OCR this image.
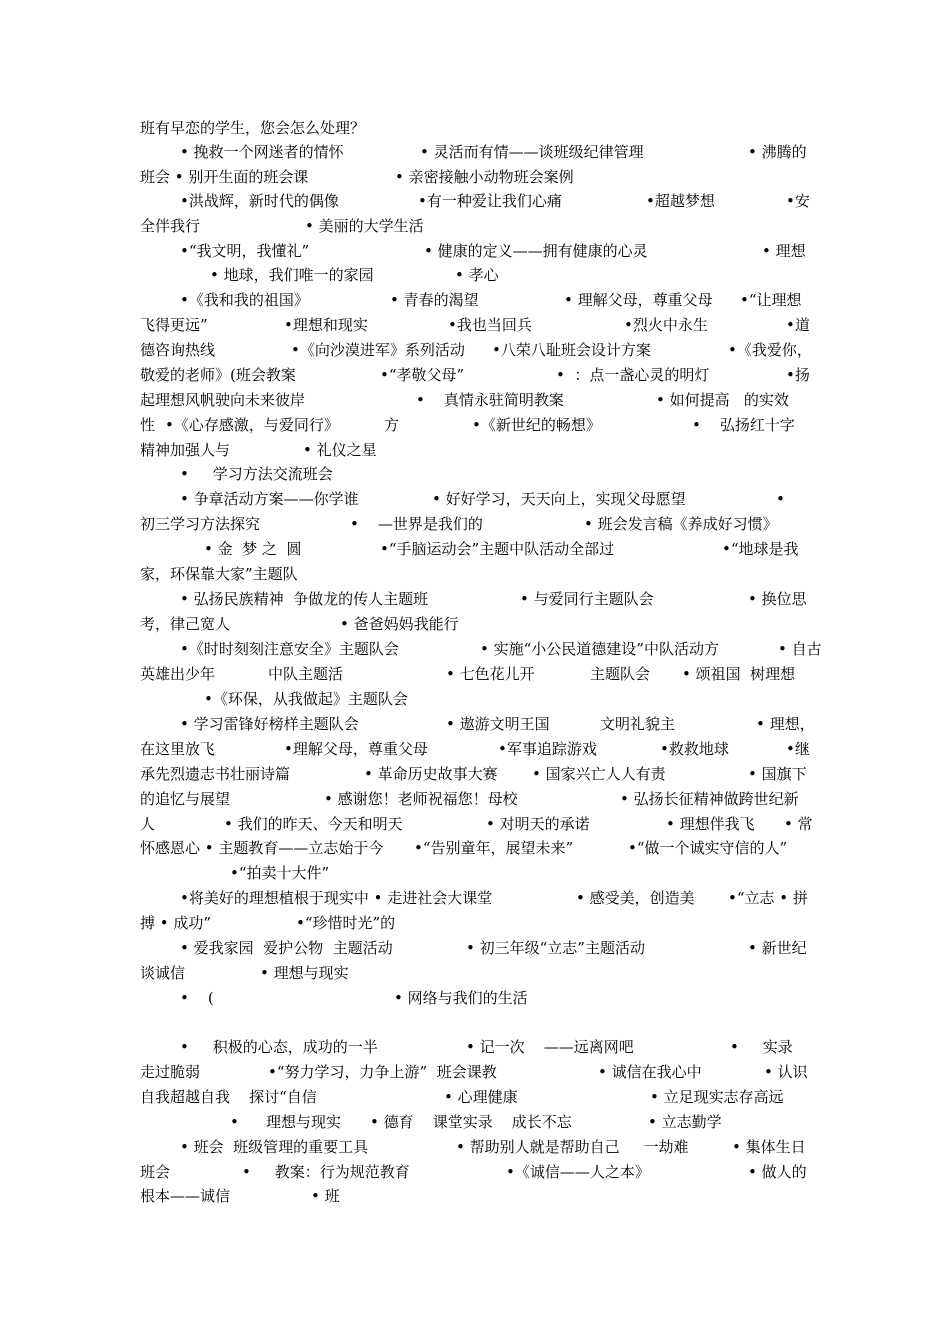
班有早恋的学生，您会怎么处理？
• 挽救一个网迷者的情怀	• 灵活而有情——谈班级纪律管理	• 沸腾的
班会 • 别开生面的班会课	• 亲密接触小动物班会案例
•洪战辉，新时代的偶像	•有一种爱让我们心痛	•超越梦想	•安
全伴我行	• 美丽的大学生活
•“我文明，我懂礼”	• 健康的定义——拥有健康的心灵	• 理想
• 地球，我们唯一的家园	• 孝心
•《我和我的祖国》	• 青春的渴望	• 理解父母，尊重父母 •“让理想
飞得更远”	•理想和现实	•我也当回兵	•烈火中永生	•道
德咨询热线	•《向沙漠进军》系列活动 •八荣八耻班会设计方案	•《我爱你，
敬爱的老师》(班会教案	•“孝敬父母”	•  ：点一盏心灵的明灯	•扬
起理想风帆驶向未来彼岸	•    真情永驻简明教案	• 如何提高   的实效
性 •《心存感激，与爱同行》	方	•《新世纪的畅想》	•    弘扬红十字
精神加强人与	• 礼仪之星
•     学习方法交流班会
• 争章活动方案——你学谁	• 好好学习，天天向上，实现父母愿望	•
初三学习方法探究	•    —世界是我们的	• 班会发言稿《养成好习惯》
• 金  梦 之  圆	•“手脑运动会”主题中队活动全部过	•“地球是我
家，环保靠大家”主题队
• 弘扬民族精神  争做龙的传人主题班	• 与爱同行主题队会	• 换位思
考，律己宽人	• 爸爸妈妈我能行
•《时时刻刻注意安全》主题队会	• 实施“小公民道德建设”中队活动方	• 自古
英雄出少年	中队主题活	• 七色花儿开	主题队会 • 颂祖国  树理想
•《环保，从我做起》主题队会
• 学习雷锋好榜样主题队会	• 遨游文明王国	文明礼貌主	• 理想，
在这里放飞	•理解父母，尊重父母	•军事追踪游戏	•救救地球	•继
承先烈遗志书壮丽诗篇	• 革命历史故事大赛 • 国家兴亡人人有责	• 国旗下
的追忆与展望	• 感谢您！老师祝福您！母校	• 弘扬长征精神做跨世纪新
人	• 我们的昨天、今天和明天	• 对明天的承诺	• 理想伴我飞 • 常
怀感恩心 • 主题教育——立志始于今 •“告别童年，展望未来”	•“做一个诚实守信的人”
•“拍卖十大件”
•将美好的理想植根于现实中 • 走进社会大课堂	• 感受美，创造美 •“立志 • 拼
搏 • 成功”	•“珍惜时光”的
• 爱我家园  爱护公物  主题活动	• 初三年级“立志”主题活动	• 新世纪
谈诚信	• 理想与现实
•    (	• 网络与我们的生活
•     积极的心态，成功的一半	• 记一次    ——远离网吧	•     实录
走过脆弱	•“努力学习，力争上游”  班会课教	• 诚信在我心中	• 认识
自我超越自我    探讨“自信	• 心理健康	• 立足现实志存高远
• 理想与现实 • 德育    课堂实录    成长不忘	• 立志勤学
• 班会  班级管理的重要工具	• 帮助别人就是帮助自己     一劫难	• 集体生日
班会	•     教案：行为规范教育	•《诚信——人之本》	• 做人的
根本——诚信	• 班
